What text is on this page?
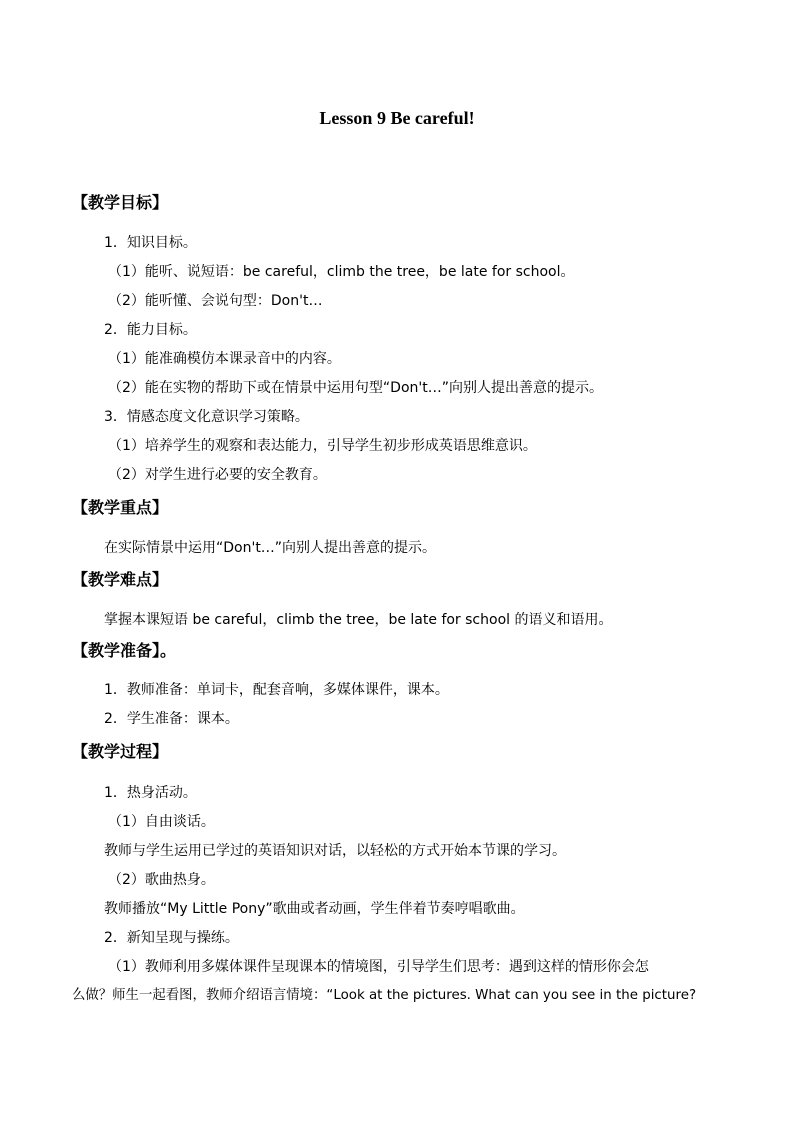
Lesson 9 Be careful!
【教学目标】
1．知识目标。
（1）能听、说短语：be careful，climb the tree，be late for school。
（2）能听懂、会说句型：Don't…
2．能力目标。
（1）能准确模仿本课录音中的内容。
（2）能在实物的帮助下或在情景中运用句型“Don't…”向别人提出善意的提示。
3．情感态度文化意识学习策略。
（1）培养学生的观察和表达能力，引导学生初步形成英语思维意识。
（2）对学生进行必要的安全教育。
【教学重点】
在实际情景中运用“Don't…”向别人提出善意的提示。
【教学难点】
掌握本课短语 be careful，climb the tree，be late for school 的语义和语用。
【教学准备】。
1．教师准备：单词卡，配套音响，多媒体课件，课本。
2．学生准备：课本。
【教学过程】
1．热身活动。
（1）自由谈话。
教师与学生运用已学过的英语知识对话，以轻松的方式开始本节课的学习。
（2）歌曲热身。
教师播放“My Little Pony”歌曲或者动画，学生伴着节奏哼唱歌曲。
2．新知呈现与操练。
（1）教师利用多媒体课件呈现课本的情境图，引导学生们思考：遇到这样的情形你会怎
么做？师生一起看图，教师介绍语言情境：“Look at the pictures. What can you see in the picture?
